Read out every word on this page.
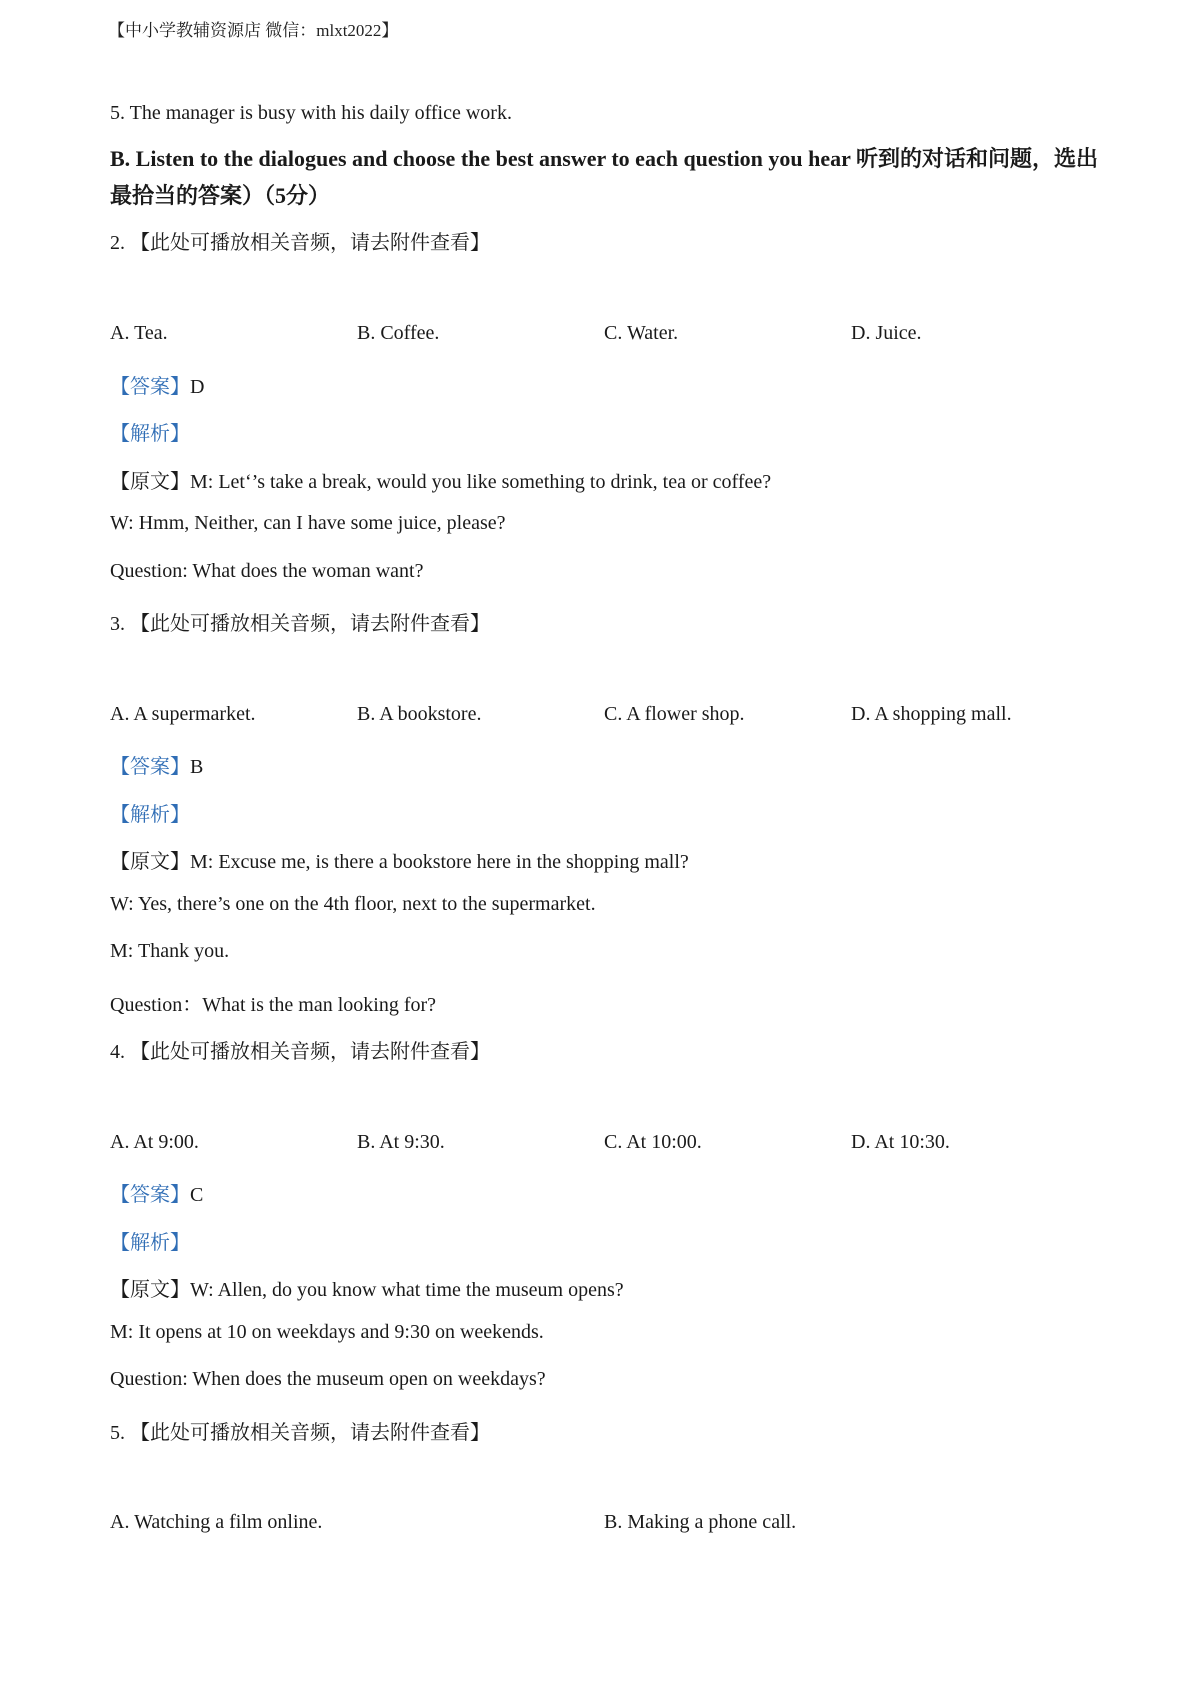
【中小学教辅资源店 微信：mlxt2022】
5. The manager is busy with his daily office work.
B. Listen to the dialogues and choose the best answer to each question you hear 听到的对话和问题，选出最拾当的答案）（5分）
2. 【此处可播放相关音频，请去附件查看】
A. Tea.	B. Coffee.	C. Water.	D. Juice.
【答案】D
【解析】
【原文】M: Let‘’s take a break, would you like something to drink, tea or coffee?
W: Hmm, Neither, can I have some juice, please?
Question: What does the woman want?
3. 【此处可播放相关音频，请去附件查看】
A. A supermarket.	B. A bookstore.	C. A flower shop.	D. A shopping mall.
【答案】B
【解析】
【原文】M: Excuse me, is there a bookstore here in the shopping mall?
W: Yes, there’s one on the 4th floor, next to the supermarket.
M: Thank you.
Question：What is the man looking for?
4. 【此处可播放相关音频，请去附件查看】
A. At 9:00.	B. At 9:30.	C. At 10:00.	D. At 10:30.
【答案】C
【解析】
【原文】W: Allen, do you know what time the museum opens?
M: It opens at 10 on weekdays and 9:30 on weekends.
Question: When does the museum open on weekdays?
5. 【此处可播放相关音频，请去附件查看】
A. Watching a film online.	B. Making a phone call.
